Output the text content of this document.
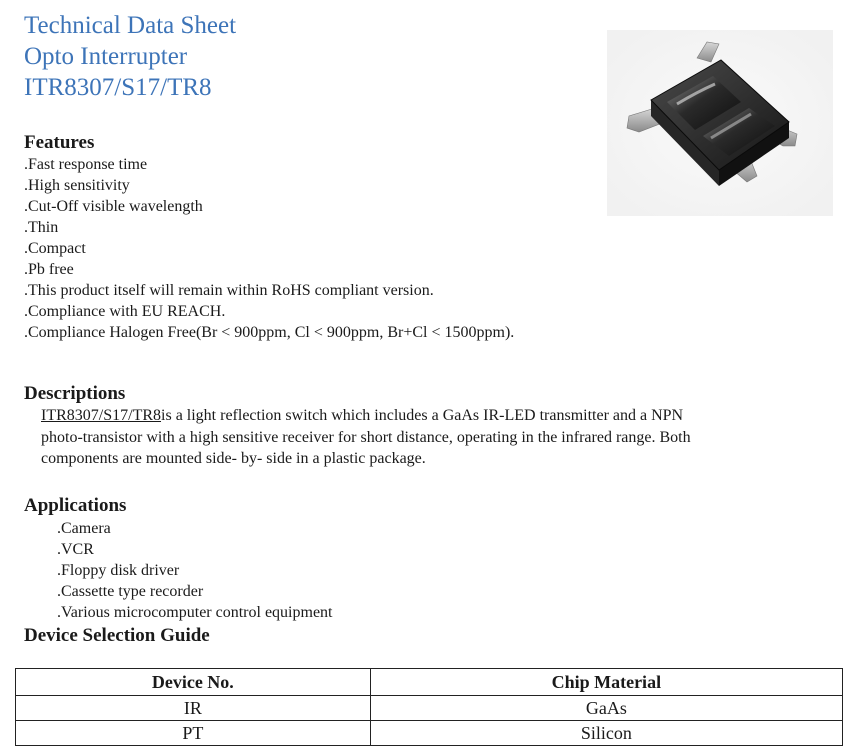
Technical Data Sheet
Opto Interrupter
ITR8307/S17/TR8
Features
.Fast response time
.High sensitivity
.Cut-Off visible wavelength
.Thin
.Compact
.Pb free
.This product itself will remain within RoHS compliant version.
.Compliance with EU REACH.
.Compliance Halogen Free(Br < 900ppm, Cl < 900ppm, Br+Cl < 1500ppm).
Descriptions
ITR8307/S17/TR8is a light reflection switch which includes a GaAs IR-LED transmitter and a NPN
photo-transistor with a high sensitive receiver for short distance, operating in the infrared range. Both
components are mounted side- by- side in a plastic package.
Applications
.Camera
.VCR
.Floppy disk driver
.Cassette type recorder
.Various microcomputer control equipment
Device Selection Guide
Device No.	Chip Material
IR	GaAs
PT	Silicon
